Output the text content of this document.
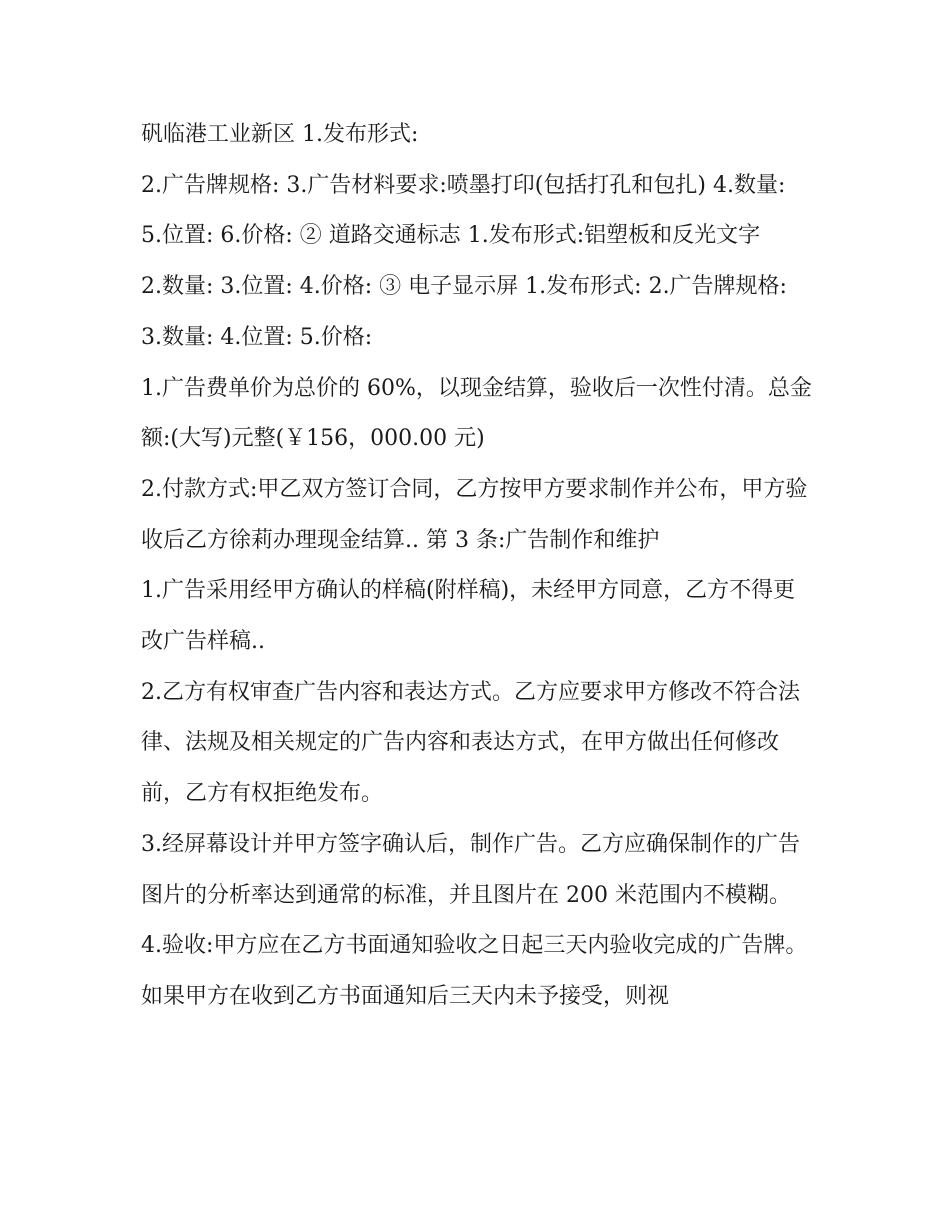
矾临港工业新区 1.发布形式:

2.广告牌规格: 3.广告材料要求:喷墨打印(包括打孔和包扎) 4.数量: 5.位置: 6.价格: ② 道路交通标志 1.发布形式:铝塑板和反光文字

2.数量: 3.位置: 4.价格: ③ 电子显示屏 1.发布形式: 2.广告牌规格: 3.数量: 4.位置: 5.价格:

1.广告费单价为总价的 60%，以现金结算，验收后一次性付清。总金额:(大写)元整(￥156，000.00 元)

2.付款方式:甲乙双方签订合同，乙方按甲方要求制作并公布，甲方验收后乙方徐莉办理现金结算.. 第 3 条:广告制作和维护

1.广告采用经甲方确认的样稿(附样稿)，未经甲方同意，乙方不得更改广告样稿..

2.乙方有权审查广告内容和表达方式。乙方应要求甲方修改不符合法律、法规及相关规定的广告内容和表达方式，在甲方做出任何修改前，乙方有权拒绝发布。

3.经屏幕设计并甲方签字确认后，制作广告。乙方应确保制作的广告图片的分析率达到通常的标准，并且图片在 200 米范围内不模糊。

4.验收:甲方应在乙方书面通知验收之日起三天内验收完成的广告牌。如果甲方在收到乙方书面通知后三天内未予接受，则视
